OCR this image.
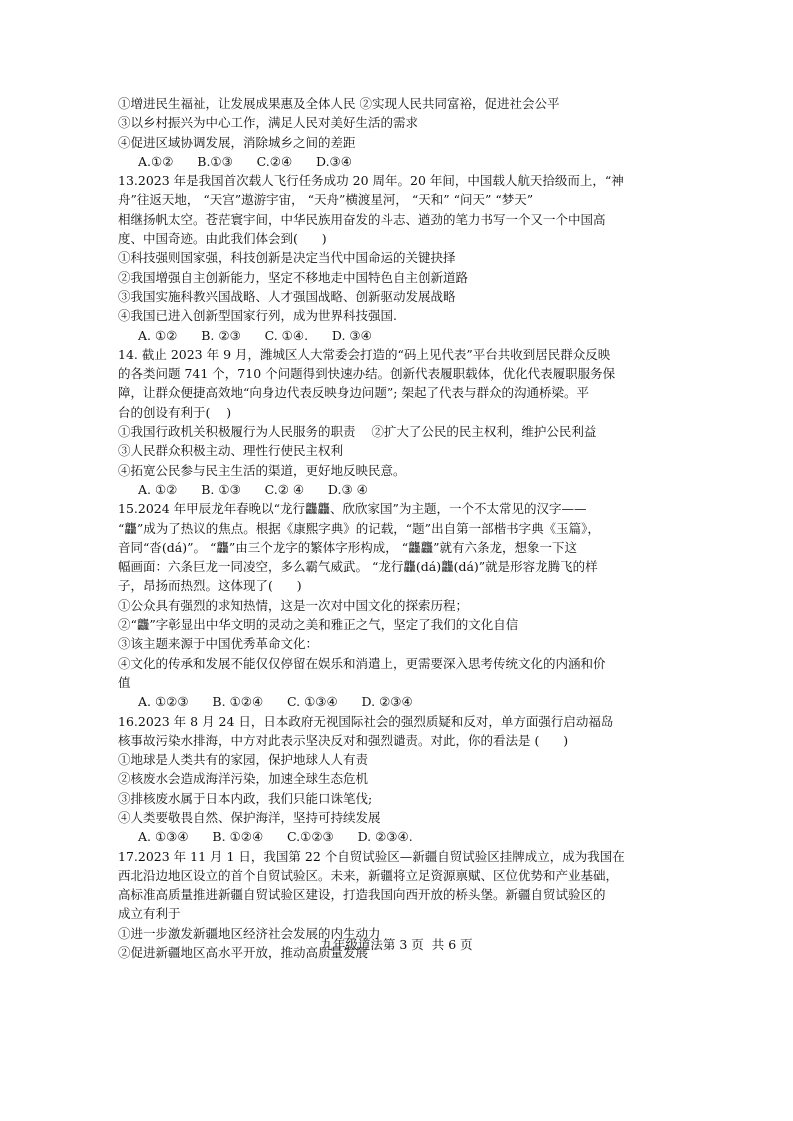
①增进民生福祉，让发展成果惠及全体人民 ②实现人民共同富裕，促进社会公平
③以乡村振兴为中心工作，满足人民对美好生活的需求
④促进区域协调发展，消除城乡之间的差距
A.①②      B.①③      C.②④      D.③④
13.2023 年是我国首次载人飞行任务成功 20 周年。20 年间，中国载人航天拾级而上，“神
舟”往返天地， “天宫”遨游宇宙， “天舟”横渡星河， “天和” “问天” “梦天”
相继扬帆太空。苍茫寰宇间，中华民族用奋发的斗志、遒劲的笔力书写一个又一个中国高
度、中国奇迹。由此我们体会到(      )
①科技强则国家强，科技创新是决定当代中国命运的关键抉择
②我国增强自主创新能力，坚定不移地走中国特色自主创新道路
③我国实施科教兴国战略、人才强国战略、创新驱动发展战略
④我国已进入创新型国家行列，成为世界科技强国.
A. ①②      B. ②③      C. ①④.      D. ③④
14. 截止 2023 年 9 月，潍城区人大常委会打造的“码上见代表”平台共收到居民群众反映
的各类问题 741 个，710 个问题得到快速办结。创新代表履职载体，优化代表履职服务保
障，让群众便捷高效地“向身边代表反映身边问题”; 架起了代表与群众的沟通桥梁。平
台的创设有利于(    )
①我国行政机关积极履行为人民服务的职责    ②扩大了公民的民主权利，维护公民利益
③人民群众积极主动、理性行使民主权利
④拓宽公民参与民主生活的渠道，更好地反映民意。
A. ①②      B. ①③      C.② ④      D.③ ④
15.2024 年甲辰龙年春晚以“龙行龘龘、欣欣家国”为主题，一个不太常见的汉字——
“龘”成为了热议的焦点。根据《康熙字典》的记载，“题”出自第一部楷书字典《玉篇》，
音同“沓(dá)”。 “龘”由三个龙字的繁体字形构成， “龘龘”就有六条龙，想象一下这
幅画面：六条巨龙一同凌空，多么霸气威武。 “龙行龘(dá)龘(dá)”就是形容龙腾飞的样
子，昂扬而热烈。这体现了(      )
①公众具有强烈的求知热情，这是一次对中国文化的探索历程；
②“龘”字彰显出中华文明的灵动之美和雅正之气，坚定了我们的文化自信
③该主题来源于中国优秀革命文化：
④文化的传承和发展不能仅仅停留在娱乐和消遣上，更需要深入思考传统文化的内涵和价
值
A. ①②③      B. ①②④      C. ①③④      D. ②③④
16.2023 年 8 月 24 日，日本政府无视国际社会的强烈质疑和反对，单方面强行启动福岛
核事故污染水排海，中方对此表示坚决反对和强烈谴责。对此，你的看法是 (      )
①地球是人类共有的家园，保护地球人人有责
②核废水会造成海洋污染，加速全球生态危机
③排核废水属于日本内政，我们只能口诛笔伐;
④人类要敬畏自然、保护海洋，坚持可持续发展
A. ①③④      B. ①②④      C.①②③      D. ②③④.
17.2023 年 11 月 1 日，我国第 22 个自贸试验区—新疆自贸试验区挂牌成立，成为我国在
西北沿边地区设立的首个自贸试验区。未来，新疆将立足资源禀赋、区位优势和产业基础，
高标准高质量推进新疆自贸试验区建设，打造我国向西开放的桥头堡。新疆自贸试验区的
成立有利于
①进一步激发新疆地区经济社会发展的内生动力
②促进新疆地区高水平开放，推动高质量发展
九年级道法第 3 页  共 6 页
